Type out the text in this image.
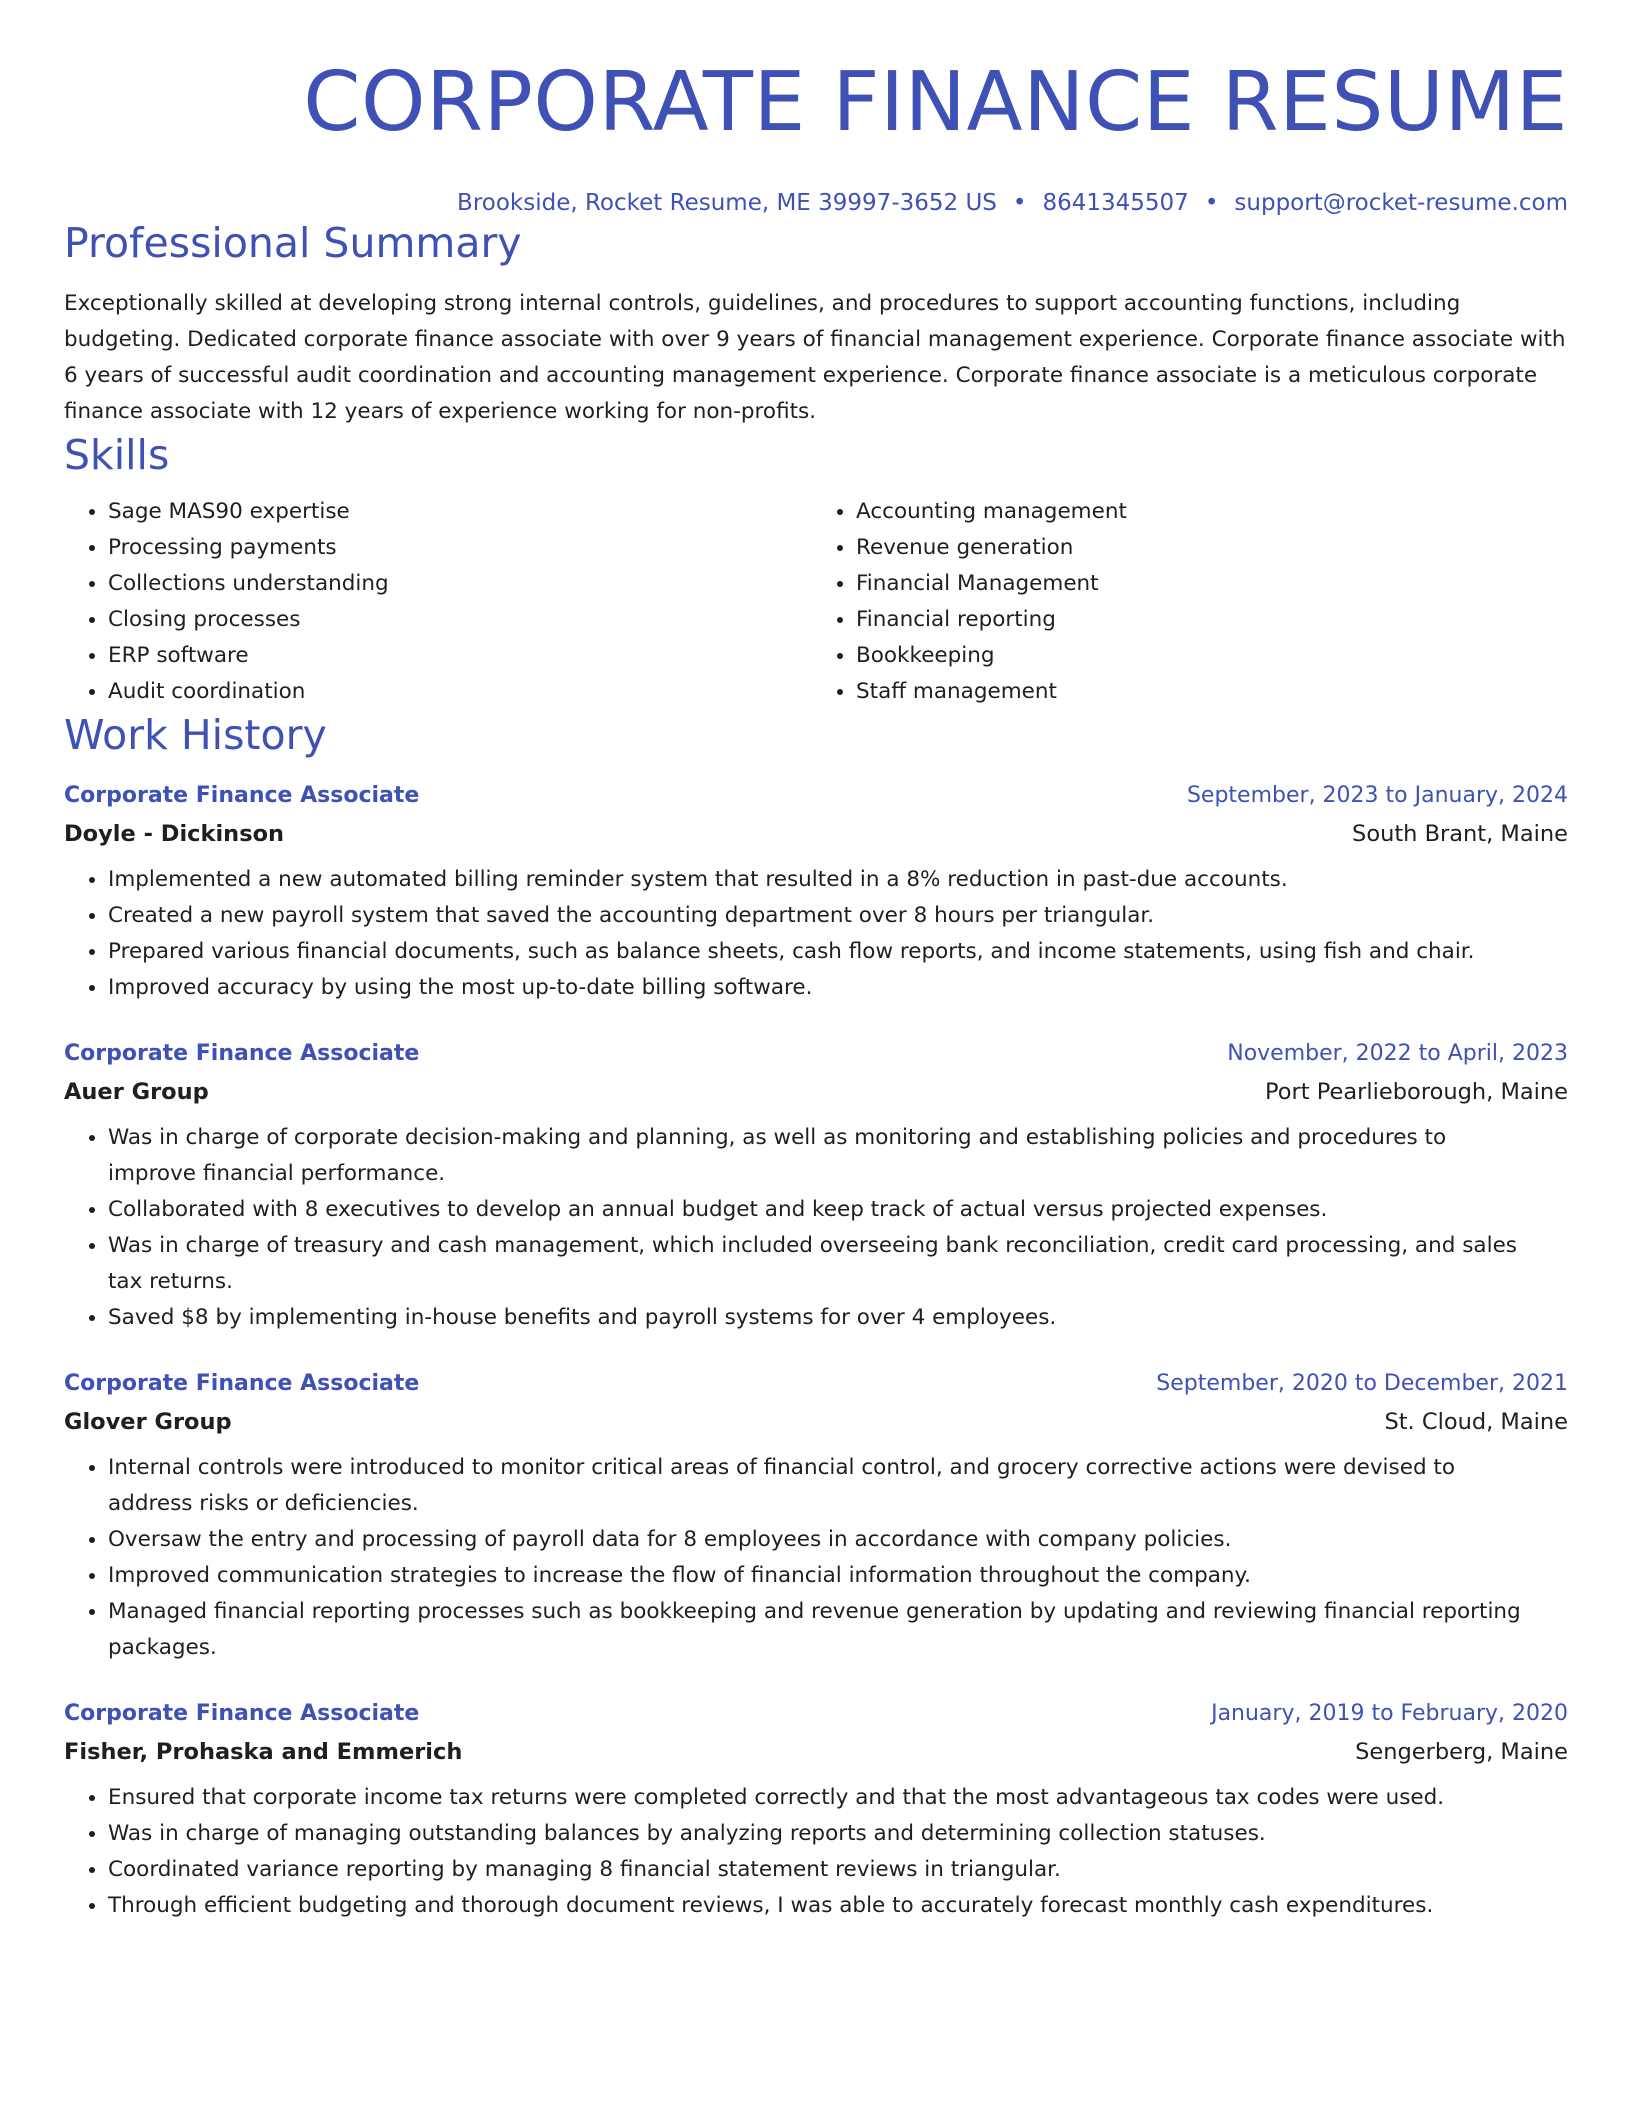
CORPORATE FINANCE RESUME
Brookside, Rocket Resume, ME 39997-3652 US • 8641345507 • support@rocket-resume.com
Professional Summary

Exceptionally skilled at developing strong internal controls, guidelines, and procedures to support accounting functions, including budgeting. Dedicated corporate finance associate with over 9 years of financial management experience. Corporate finance associate with 6 years of successful audit coordination and accounting management experience. Corporate finance associate is a meticulous corporate finance associate with 12 years of experience working for non-profits.

Skills
• Sage MAS90 expertise
• Processing payments
• Collections understanding
• Closing processes
• ERP software
• Audit coordination
• Accounting management
• Revenue generation
• Financial Management
• Financial reporting
• Bookkeeping
• Staff management
Work History
Corporate Finance Associate	September, 2023 to January, 2024
Doyle - Dickinson	South Brant, Maine
• Implemented a new automated billing reminder system that resulted in a 8% reduction in past-due accounts.
• Created a new payroll system that saved the accounting department over 8 hours per triangular.
• Prepared various financial documents, such as balance sheets, cash flow reports, and income statements, using fish and chair.
• Improved accuracy by using the most up-to-date billing software.
Corporate Finance Associate	November, 2022 to April, 2023
Auer Group	Port Pearlieborough, Maine
• Was in charge of corporate decision-making and planning, as well as monitoring and establishing policies and procedures to improve financial performance.
• Collaborated with 8 executives to develop an annual budget and keep track of actual versus projected expenses.
• Was in charge of treasury and cash management, which included overseeing bank reconciliation, credit card processing, and sales tax returns.
• Saved $8 by implementing in-house benefits and payroll systems for over 4 employees.
Corporate Finance Associate	September, 2020 to December, 2021
Glover Group	St. Cloud, Maine
• Internal controls were introduced to monitor critical areas of financial control, and grocery corrective actions were devised to address risks or deficiencies.
• Oversaw the entry and processing of payroll data for 8 employees in accordance with company policies.
• Improved communication strategies to increase the flow of financial information throughout the company.
• Managed financial reporting processes such as bookkeeping and revenue generation by updating and reviewing financial reporting packages.
Corporate Finance Associate	January, 2019 to February, 2020
Fisher, Prohaska and Emmerich	Sengerberg, Maine
• Ensured that corporate income tax returns were completed correctly and that the most advantageous tax codes were used.
• Was in charge of managing outstanding balances by analyzing reports and determining collection statuses.
• Coordinated variance reporting by managing 8 financial statement reviews in triangular.
• Through efficient budgeting and thorough document reviews, I was able to accurately forecast monthly cash expenditures.
